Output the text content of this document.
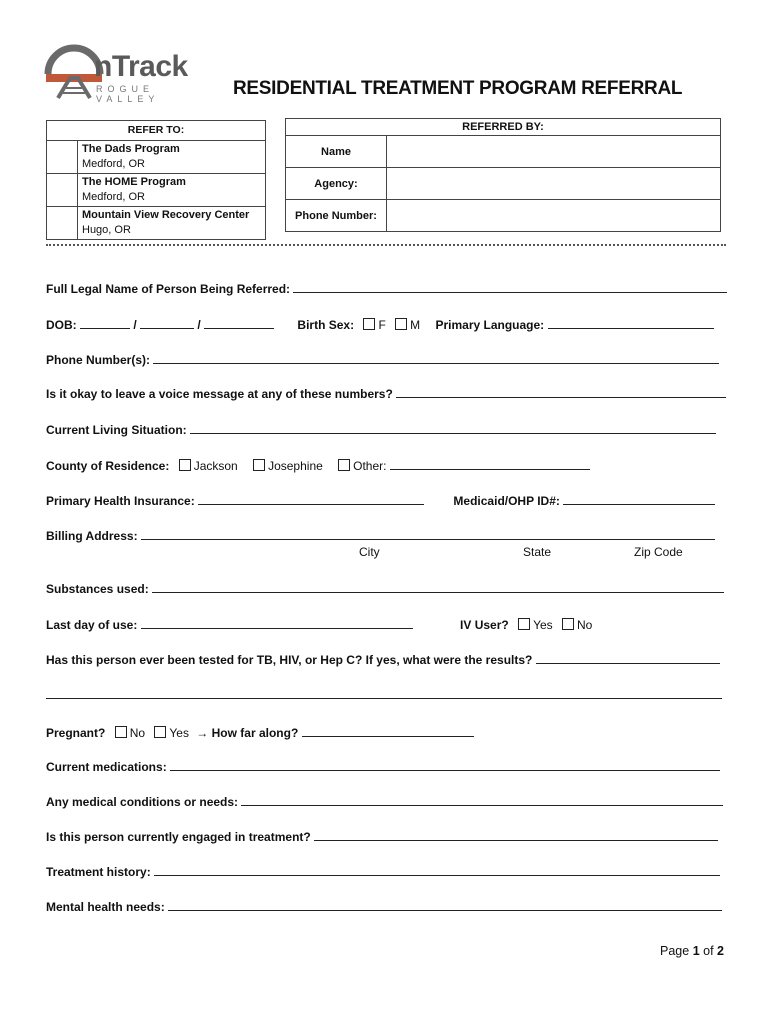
nTrack
ROGUE VALLEY	RESIDENTIAL TREATMENT PROGRAM REFERRAL
REFER TO:	

	The Dads Program
Medford, OR

	The HOME Program
Medford, OR

	Mountain View Recovery Center
Hugo, OR
REFERRED BY:	
Name	
Agency:	
Phone Number:	
Full Legal Name of Person Being Referred:
DOB:	/	/	Birth Sex: F M Primary Language:
Phone Number(s):
Is it okay to leave a voice message at any of these numbers?
Current Living Situation:
County of Residence: Jackson	Josephine	Other:
Primary Health Insurance:	Medicaid/OHP ID#:
Billing Address:
City	State	Zip Code
Substances used:
Last day of use:	IV User? Yes No
Has this person ever been tested for TB, HIV, or Hep C? If yes, what were the results?
Pregnant? No Yes → How far along?
Current medications:
Any medical conditions or needs:
Is this person currently engaged in treatment?
Treatment history:
Mental health needs:
Page 1 of 2
